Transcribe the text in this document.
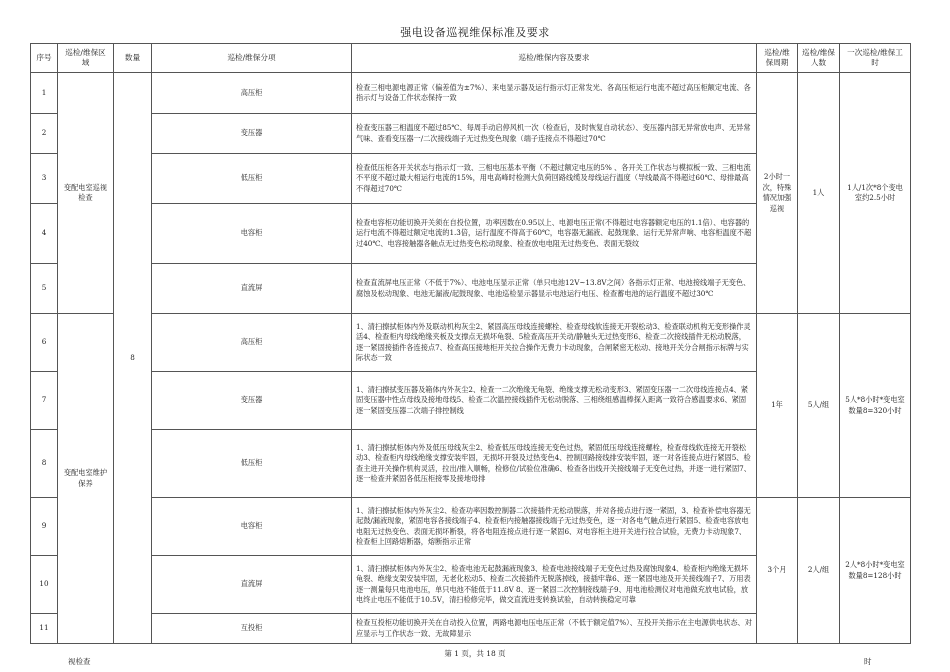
强电设备巡视维保标准及要求
序号	巡检/维保区域	数量	巡检/维保分项	巡检/维保内容及要求	巡检/维保周期	巡检/维保人数	一次巡检/维保工时
1	变配电室巡视检查	8	高压柜	检查三相电源电源正常（偏差值为±7%）、来电显示器及运行指示灯正常发光、各高压柜运行电流不超过高压柜额定电流、各指示灯与设备工作状态保持一致	2小时一次，特殊情况加强巡视	1人	1人/1次*8个变电室约2.5小时
2			变压器	检查变压器三相温度不超过85℃、每周手动启停风机一次（检查后，及时恢复自动状态）、变压器内部无异常放电声、无异常气味、查看变压器一/二次接线端子无过热变色现象（端子连接点不得超过70℃			
3			低压柜	检查低压柜各开关状态与指示灯一致、三相电压基本平衡（不超过额定电压的5% 、各开关工作状态与模拟板一致、三相电流不平度不超过最大相运行电流的15%，用电高峰时检测大负荷回路线缆及母线运行温度（导线最高不得超过60℃、母排最高不得超过70℃			
4			电容柜	检查电容柜功能切换开关须在自投位置，功率因数在0.95以上、电源电压正常(不得超过电容器额定电压的1.1倍）、电容器的运行电流不得超过额定电流的1.3倍，运行温度不得高于60℃，电容器无漏液、起鼓现象、运行无异常声响、电容柜温度不超过40℃、电容接触器各触点无过热变色松动现象、检查放电电阻无过热变色、表面无裂纹			
5			直流屏	检查直流屏电压正常（不低于7%）、电池电压显示正常（单只电池12V~13.8V之间）各指示灯正常、电池接线端子无变色、腐蚀及松动现象、电池无漏液/起鼓现象、电池巡检显示器显示电池运行电压、检查蓄电池的运行温度不超过30℃			
6	变配电室维护保养		高压柜	1、清扫擦拭柜体内外及联动机构灰尘2、紧固高压母线连接螺栓、检查母线软连接无开裂松动3、检查联动机构无变形操作灵活4、检查柜内母线绝缘夹板及支撑点无损坏龟裂、5检查高压开关动/静触头无过热变形6、检查二次接线插件无松动脱落，逐一紧固接插件各连接点7、检查高压接地柜开关拉合操作无费力卡动现象，合闸紧密无松动、接地开关分合闸指示标牌与实际状态一致	1年	5人/组	5人*8小时*变电室数量8=320小时
7			变压器	1、清扫擦拭变压器及箱体内外灰尘2、检查一二次绝缘无龟裂、绝缘支撑无松动变形3、紧固变压器一二次母线连接点4、紧固变压器中性点母线及接地母线5、检查二次温控接线插件无松动脱落、三相绕组感温棒探入距离一致符合感温要求6、紧固逐一紧固变压器二次端子排控制线			
8			低压柜	1、清扫擦拭柜体内外及低压母线灰尘2、检查低压母线连接无变色过热，紧固低压母线连接螺栓，检查母线软连接无开裂松动3、检查柜内母线绝缘支撑安装牢固，无损坏开裂及过热变色4、控制回路接线排安装牢固，逐一对各连接点进行紧固5、检查主进开关操作机构灵活，拉出/推入顺畅，检修位/试验位准确6、检查各出线开关接线端子无变色过热，并逐一进行紧固7、逐一检查并紧固各低压柜接零及接地母排			
9			电容柜	1、清扫擦拭柜体内外灰尘2、检查功率因数控制器二次接插件无松动脱落，并对各接点进行逐一紧固，3、检查补偿电容器无起鼓/漏液现象，紧固电容各接线端子4、检查柜内接触器接线端子无过热变色，逐一对各电气触点进行紧固5、检查电容放电电阻无过热变色、表面无损坏断裂，将各电阻连接点进行逐一紧固6、对电容柜主进开关进行拉合试验，无费力卡动现象7、检查柜上回路熔断器，熔断指示正常	3个月	2人/组	2人*8小时*变电室数量8=128小时
10			直流屏	1、清扫擦拭柜体内外灰尘2、检查电池无起鼓漏液现象3、检查电池接线端子无变色过热及腐蚀现象4、检查柜内绝缘无损坏龟裂、绝缘支架安装牢固，无老化松动5、检查二次接插件无脱落掉线，接插牢靠6、逐一紧固电池及开关接线端子7、万用表逐一测量每只电池电压，单只电池不能低于11.8V 8、逐一紧固二次控制接线端子9、用电池检测仪对电池做充放电试验，放电终止电压不能低于10.5V，清扫检修完毕，做交直流进变转换试验，自动转换稳定可靠			
11			互投柜	检查互投柜功能切换开关在自动投入位置，两路电源电压电压正常（不低于额定值7%）、互投开关指示在主电源供电状态、对应显示与工作状态一致、无故障显示			
第 1 页，共 18 页
视检查	时
